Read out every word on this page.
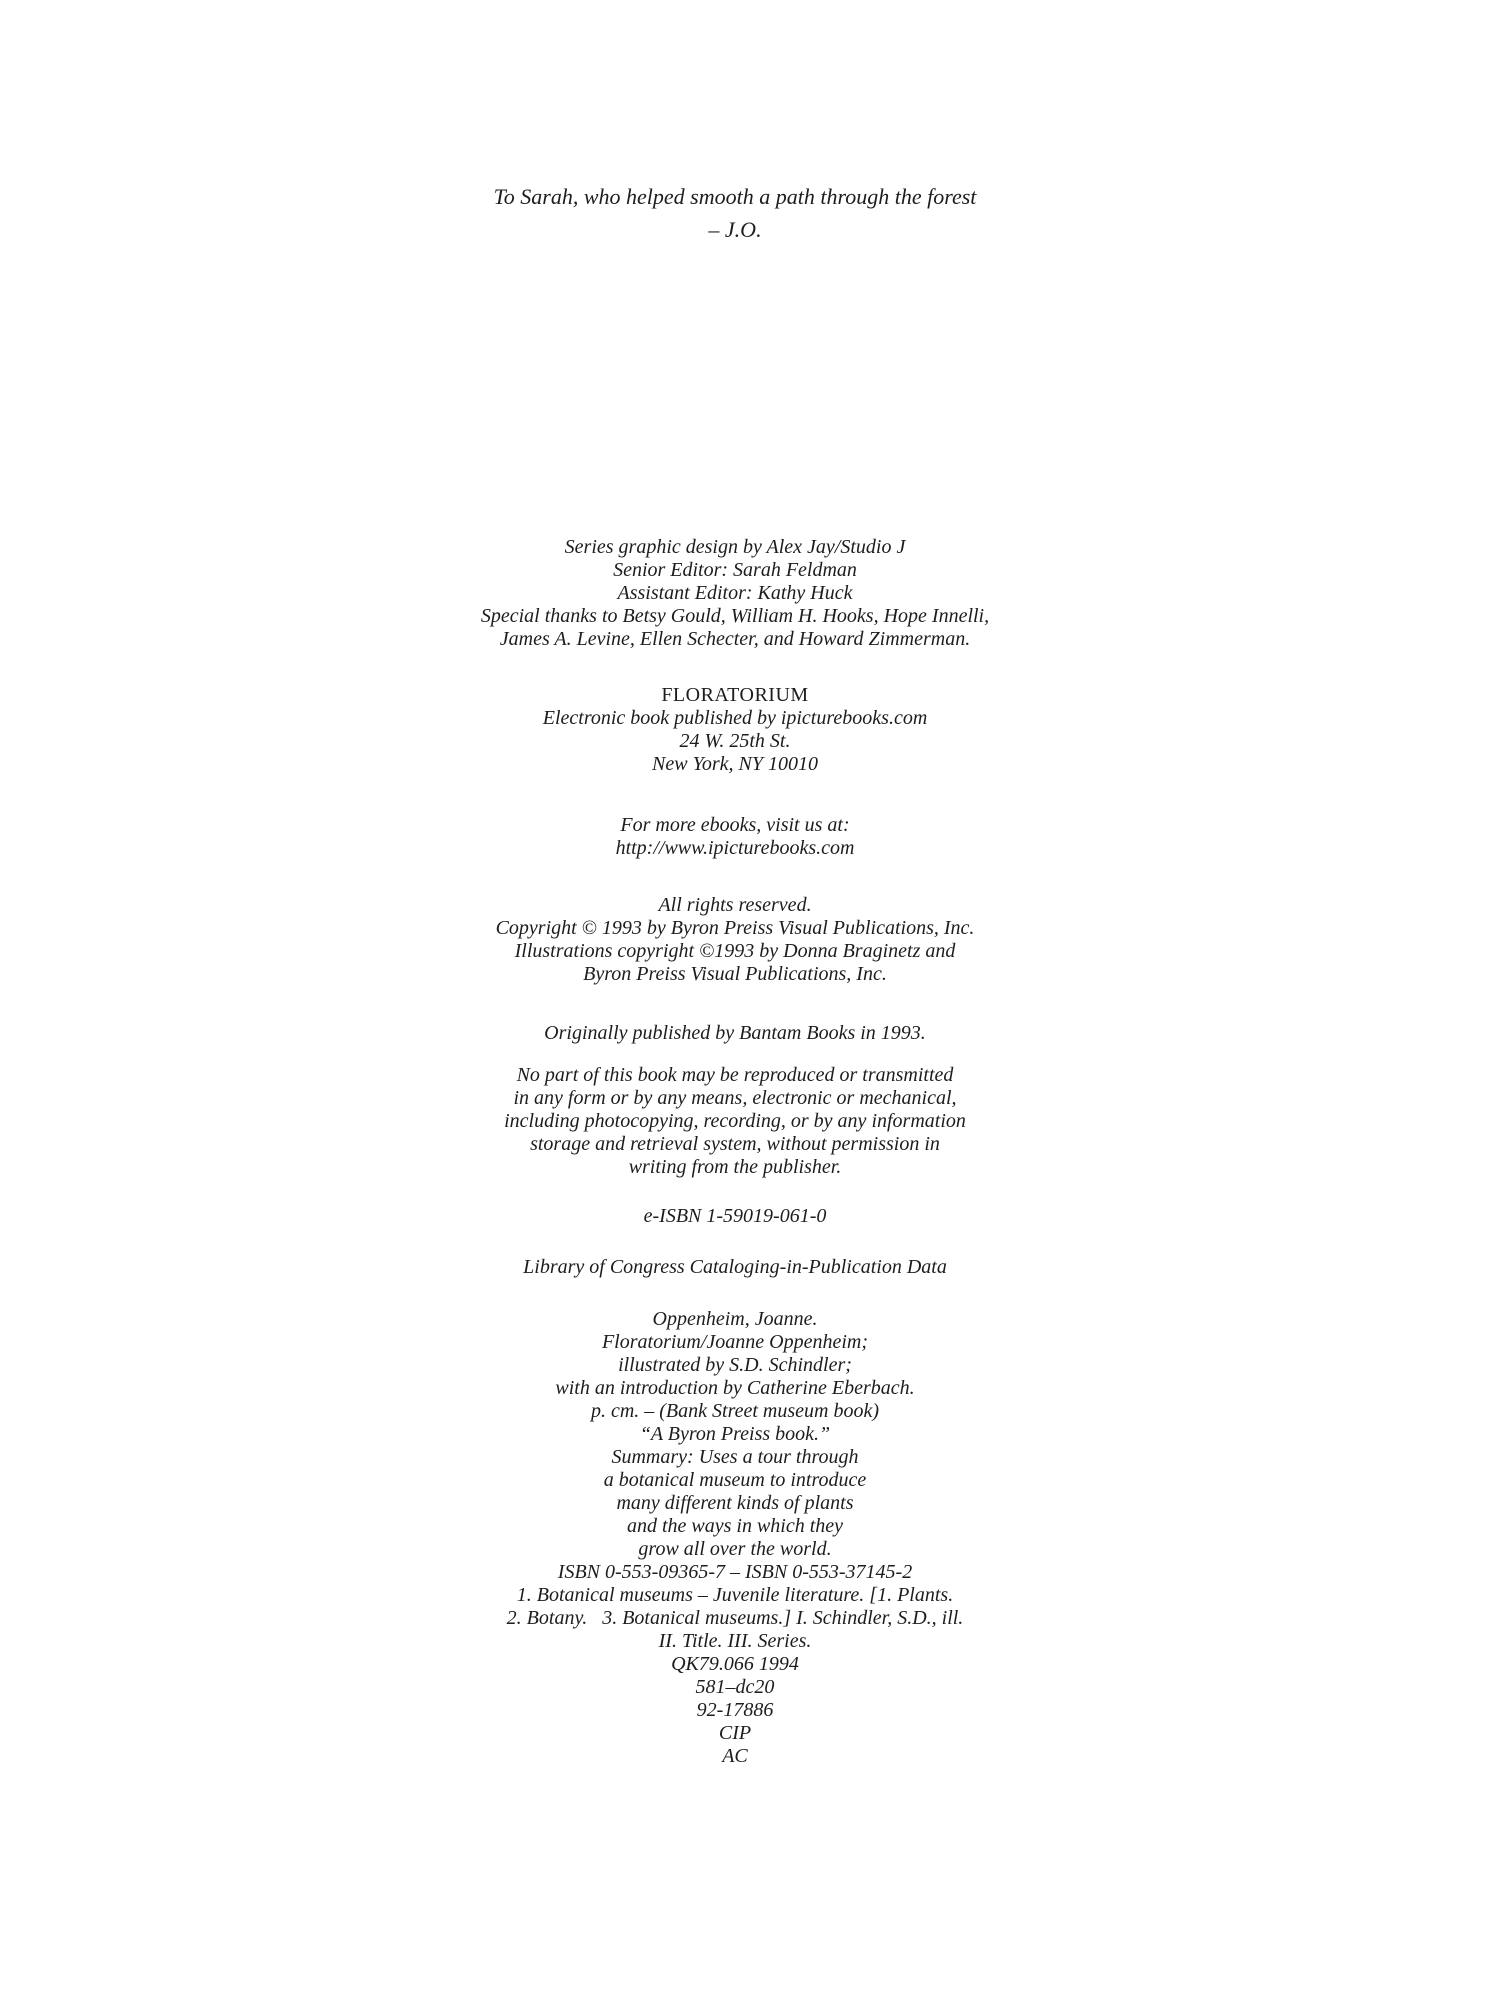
To Sarah, who helped smooth a path through the forest
– J.O.
Series graphic design by Alex Jay/Studio J
Senior Editor: Sarah Feldman
Assistant Editor: Kathy Huck
Special thanks to Betsy Gould, William H. Hooks, Hope Innelli,
James A. Levine, Ellen Schecter, and Howard Zimmerman.
FLORATORIUM
Electronic book published by ipicturebooks.com
24 W. 25th St.
New York, NY 10010
For more ebooks, visit us at:
http://www.ipicturebooks.com
All rights reserved.
Copyright © 1993 by Byron Preiss Visual Publications, Inc.
Illustrations copyright ©1993 by Donna Braginetz and
Byron Preiss Visual Publications, Inc.
Originally published by Bantam Books in 1993.
No part of this book may be reproduced or transmitted
in any form or by any means, electronic or mechanical,
including photocopying, recording, or by any information
storage and retrieval system, without permission in
writing from the publisher.
e-ISBN 1-59019-061-0
Library of Congress Cataloging-in-Publication Data
Oppenheim, Joanne.
Floratorium/Joanne Oppenheim;
illustrated by S.D. Schindler;
with an introduction by Catherine Eberbach.
p. cm. – (Bank Street museum book)
“A Byron Preiss book.”
Summary: Uses a tour through
a botanical museum to introduce
many different kinds of plants
and the ways in which they
grow all over the world.
ISBN 0-553-09365-7 – ISBN 0-553-37145-2
1. Botanical museums – Juvenile literature. [1. Plants.
2. Botany.   3. Botanical museums.] I. Schindler, S.D., ill.
II. Title. III. Series.
QK79.066 1994
581–dc20
92-17886
CIP
AC
